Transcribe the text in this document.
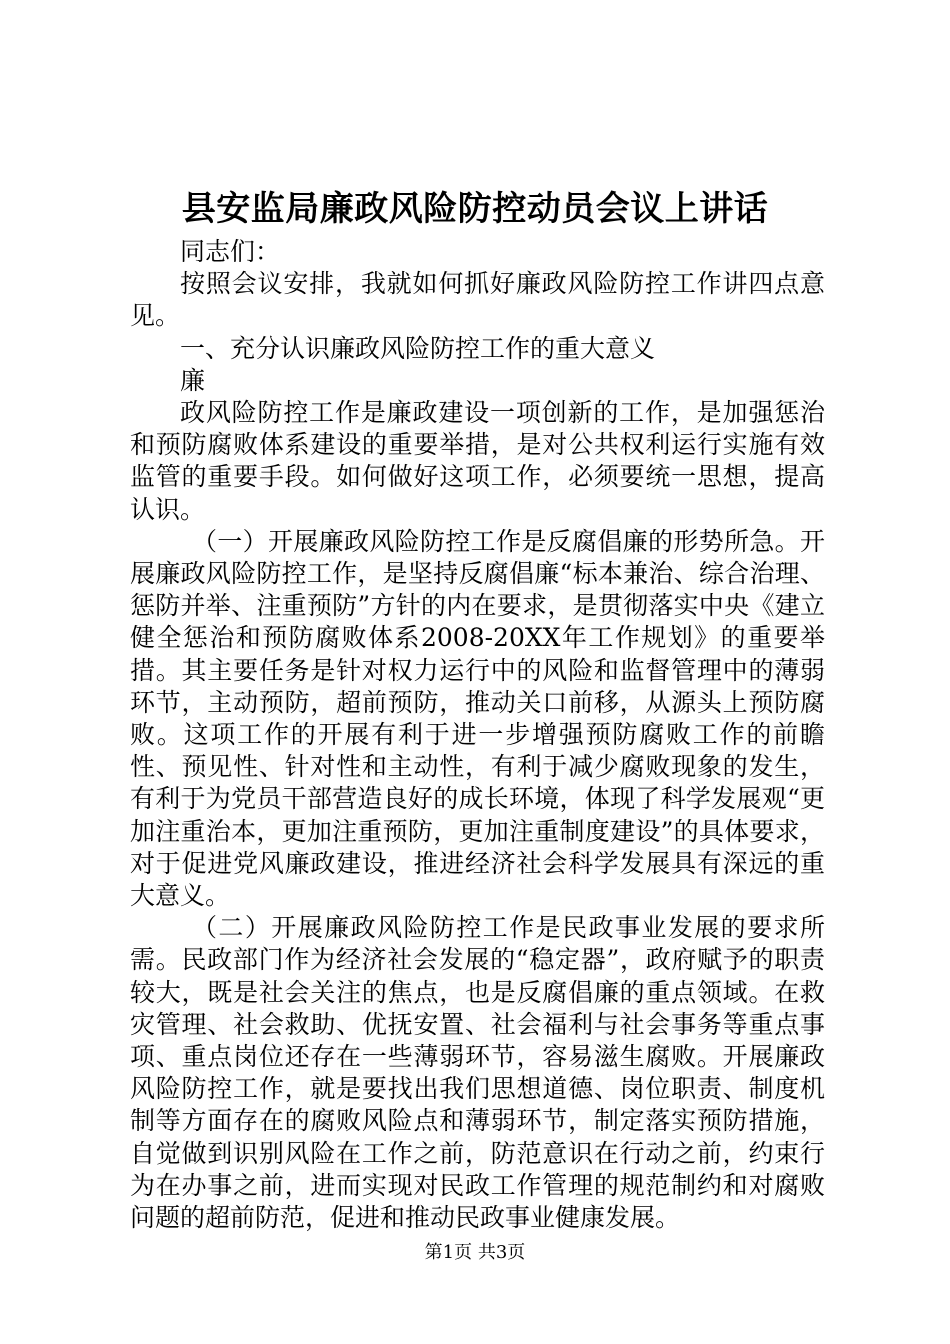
县安监局廉政风险防控动员会议上讲话

同志们：

按照会议安排，我就如何抓好廉政风险防控工作讲四点意见。

一、充分认识廉政风险防控工作的重大意义

廉

政风险防控工作是廉政建设一项创新的工作，是加强惩治和预防腐败体系建设的重要举措，是对公共权利运行实施有效监管的重要手段。如何做好这项工作，必须要统一思想，提高认识。

（一）开展廉政风险防控工作是反腐倡廉的形势所急。开展廉政风险防控工作，是坚持反腐倡廉“标本兼治、综合治理、惩防并举、注重预防”方针的内在要求，是贯彻落实中央《建立健全惩治和预防腐败体系2008-20XX年工作规划》的重要举措。其主要任务是针对权力运行中的风险和监督管理中的薄弱环节，主动预防，超前预防，推动关口前移，从源头上预防腐败。这项工作的开展有利于进一步增强预防腐败工作的前瞻性、预见性、针对性和主动性，有利于减少腐败现象的发生，有利于为党员干部营造良好的成长环境，体现了科学发展观“更加注重治本，更加注重预防，更加注重制度建设”的具体要求，对于促进党风廉政建设，推进经济社会科学发展具有深远的重大意义。

（二）开展廉政风险防控工作是民政事业发展的要求所需。民政部门作为经济社会发展的“稳定器”，政府赋予的职责较大，既是社会关注的焦点，也是反腐倡廉的重点领域。在救灾管理、社会救助、优抚安置、社会福利与社会事务等重点事项、重点岗位还存在一些薄弱环节，容易滋生腐败。开展廉政风险防控工作，就是要找出我们思想道德、岗位职责、制度机制等方面存在的腐败风险点和薄弱环节，制定落实预防措施，自觉做到识别风险在工作之前，防范意识在行动之前，约束行为在办事之前，进而实现对民政工作管理的规范制约和对腐败问题的超前防范，促进和推动民政事业健康发展。

第1页 共3页
